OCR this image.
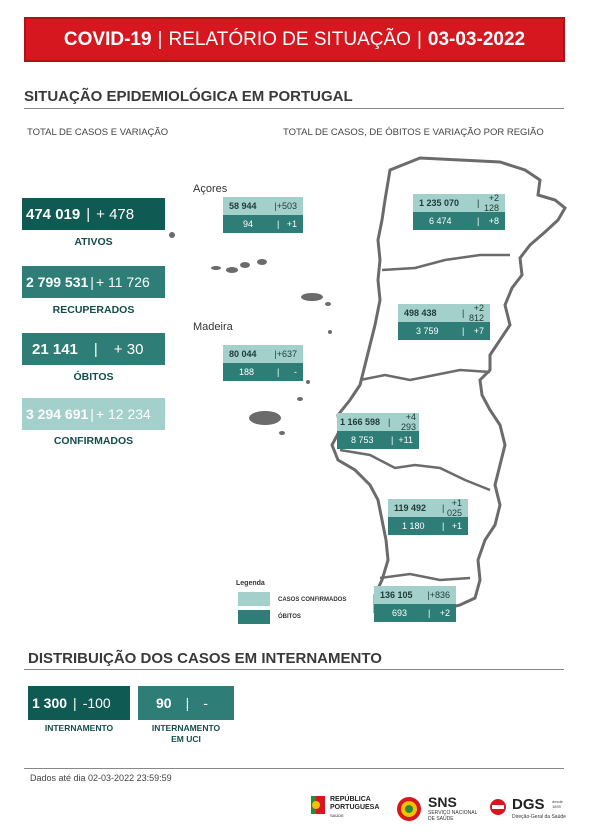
COVID-19 | RELATÓRIO DE SITUAÇÃO | 03-03-2022
SITUAÇÃO EPIDEMIOLÓGICA EM PORTUGAL
TOTAL DE CASOS E VARIAÇÃO	TOTAL DE CASOS, DE ÓBITOS E VARIAÇÃO POR REGIÃO
474 019 | + 478
ATIVOS
2 799 531 | + 11 726
RECUPERADOS
21 141	|	+ 30
ÓBITOS
3 294 691 | + 12 234
CONFIRMADOS
Açores
58 944	| +503
94	| +1
Madeira
80 044	| +637
188	|	-
1 235 070	|	+2 128
6 474	|	+8
498 438	|	+2 812
3 759	|	+7
1 166 598 |	+4 293
8 753	| +11
119 492	| +1 025
1 180	| +1
136 105	| +836
693	|	+2
Legenda
CASOS CONFIRMADOS
ÓBITOS
DISTRIBUIÇÃO DOS CASOS EM INTERNAMENTO
1 300 | -100
INTERNAMENTO
90	|	-
INTERNAMENTO
EM UCI
Dados até dia 02-03-2022 23:59:59
REPÚBLICA
PORTUGUESA
SAÚDE
SNS
SERVIÇO NACIONAL
DE SAÚDE
DGS desde 1899
Direção-Geral da Saúde
